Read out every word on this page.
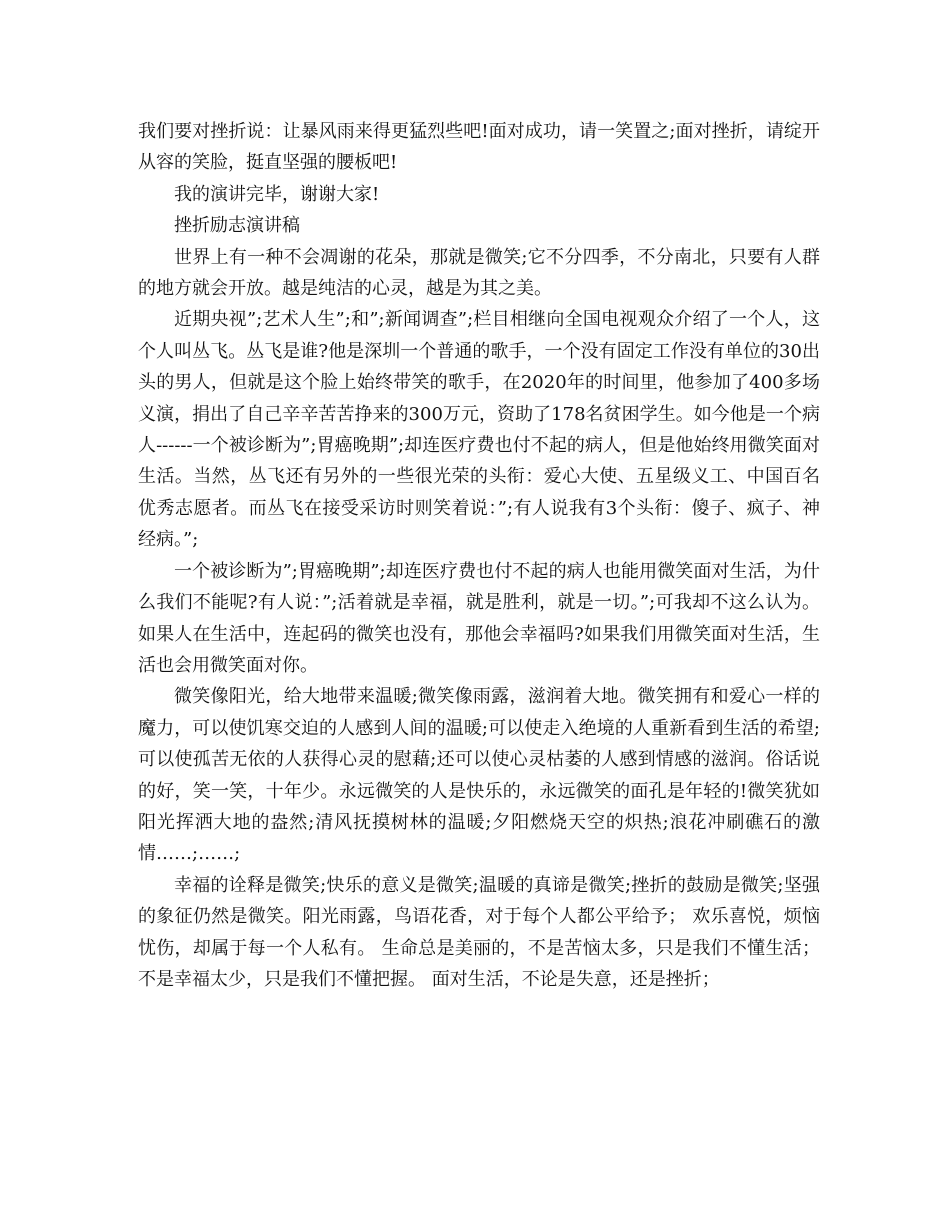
我们要对挫折说：让暴风雨来得更猛烈些吧!面对成功，请一笑置之;面对挫折，请绽开从容的笑脸，挺直坚强的腰板吧!

我的演讲完毕，谢谢大家!

挫折励志演讲稿

世界上有一种不会凋谢的花朵，那就是微笑;它不分四季，不分南北，只要有人群的地方就会开放。越是纯洁的心灵，越是为其之美。

近期央视”;艺术人生”;和”;新闻调查”;栏目相继向全国电视观众介绍了一个人，这个人叫丛飞。丛飞是谁?他是深圳一个普通的歌手，一个没有固定工作没有单位的30出头的男人，但就是这个脸上始终带笑的歌手，在2020年的时间里，他参加了400多场义演，捐出了自己辛辛苦苦挣来的300万元，资助了178名贫困学生。如今他是一个病人------一个被诊断为”;胃癌晚期”;却连医疗费也付不起的病人，但是他始终用微笑面对生活。当然，丛飞还有另外的一些很光荣的头衔：爱心大使、五星级义工、中国百名优秀志愿者。而丛飞在接受采访时则笑着说：”;有人说我有3个头衔：傻子、疯子、神经病。”;

一个被诊断为”;胃癌晚期”;却连医疗费也付不起的病人也能用微笑面对生活，为什么我们不能呢?有人说：”;活着就是幸福，就是胜利，就是一切。”;可我却不这么认为。如果人在生活中，连起码的微笑也没有，那他会幸福吗?如果我们用微笑面对生活，生活也会用微笑面对你。

微笑像阳光，给大地带来温暖;微笑像雨露，滋润着大地。微笑拥有和爱心一样的魔力，可以使饥寒交迫的人感到人间的温暖;可以使走入绝境的人重新看到生活的希望;可以使孤苦无依的人获得心灵的慰藉;还可以使心灵枯萎的人感到情感的滋润。俗话说的好，笑一笑，十年少。永远微笑的人是快乐的，永远微笑的面孔是年轻的!微笑犹如阳光挥洒大地的盎然;清风抚摸树林的温暖;夕阳燃烧天空的炽热;浪花冲刷礁石的激情……;……;

幸福的诠释是微笑;快乐的意义是微笑;温暖的真谛是微笑;挫折的鼓励是微笑;坚强的象征仍然是微笑。阳光雨露，鸟语花香，对于每个人都公平给予； 欢乐喜悦，烦恼忧伤，却属于每一个人私有。 生命总是美丽的，不是苦恼太多，只是我们不懂生活； 不是幸福太少，只是我们不懂把握。 面对生活，不论是失意，还是挫折；
